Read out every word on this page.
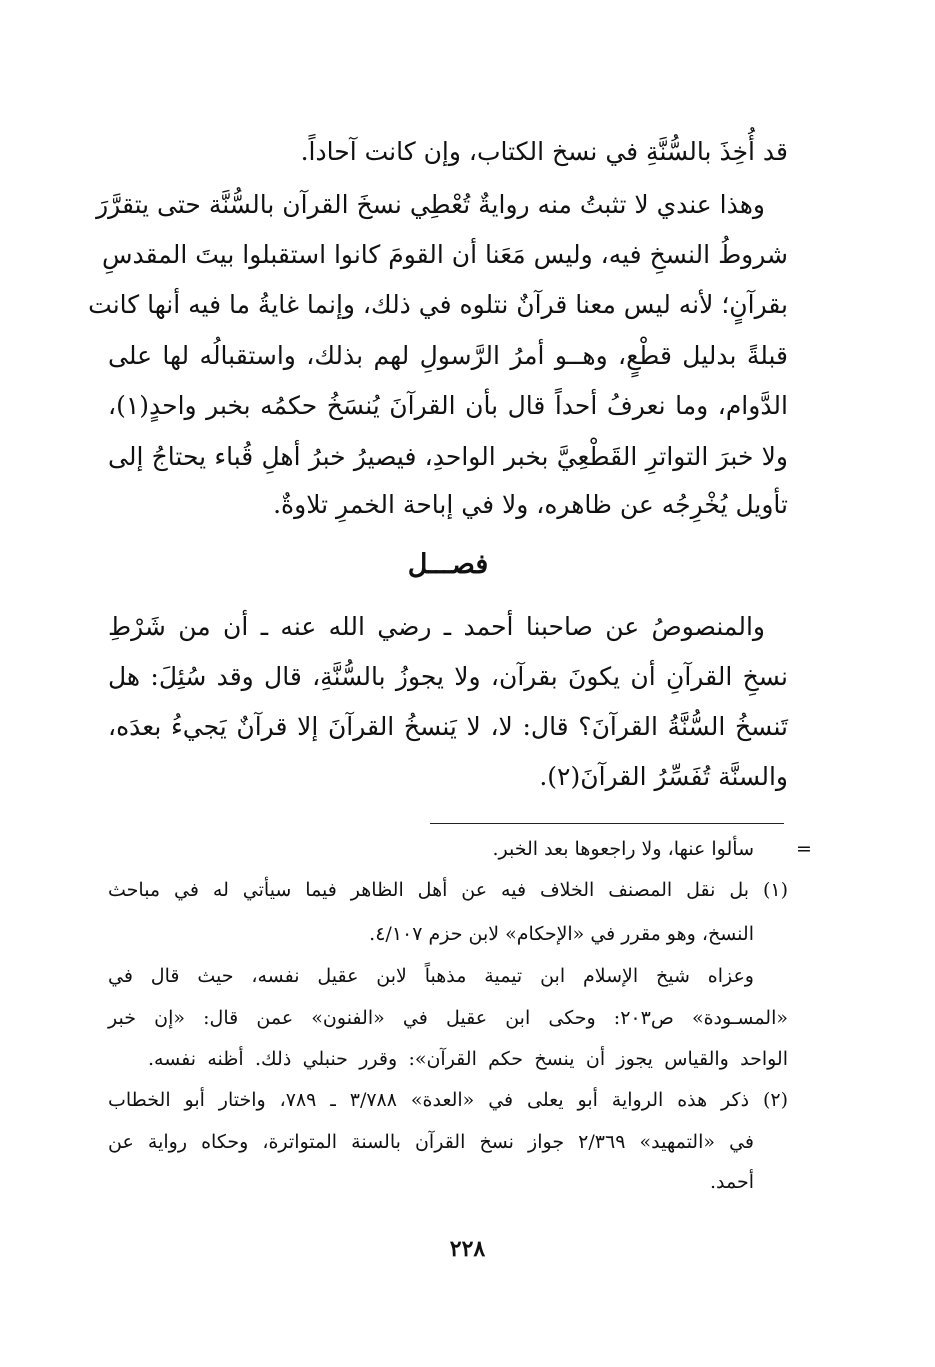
قد أُخِذَ بالسُّنَّةِ في نسخ الكتاب، وإن كانت آحاداً.
وهذا عندي لا تثبتُ منه روايةٌ تُعْطِي نسخَ القرآن بالسُّنَّة حتى يتقرَّرَ
شروطُ النسخِ فيه، وليس مَعَنا أن القومَ كانوا استقبلوا بيتَ المقدسِ
بقرآنٍ؛ لأنه ليس معنا قرآنٌ نتلوه في ذلك، وإنما غايةُ ما فيه أنها كانت
قبلةً بدليل قطْعٍ، وهــو أمرُ الرَّسولِ لهم بذلك، واستقبالُه لها على
الدَّوام، وما نعرفُ أحداً قال بأن القرآنَ يُنسَخُ حكمُه بخبر واحدٍ(١)،
ولا خبرَ التواترِ القَطْعِيَّ بخبر الواحدِ، فيصيرُ خبرُ أهلِ قُباء يحتاجُ إلى
تأويل يُخْرِجُه عن ظاهره، ولا في إباحة الخمرِ تلاوةٌ.
فصـــل
والمنصوصُ عن صاحبنا أحمد ـ رضي الله عنه ـ أن من شَرْطِ
نسخِ القرآنِ أن يكونَ بقرآن، ولا يجوزُ بالسُّنَّةِ، قال وقد سُئِلَ: هل
تَنسخُ السُّنَّةُ القرآنَ؟ قال: لا، لا يَنسخُ القرآنَ إلا قرآنٌ يَجيءُ بعدَه،
والسنَّة تُفَسِّرُ القرآنَ(٢).
=
سألوا عنها، ولا راجعوها بعد الخبر.
(١) بل نقل المصنف الخلاف فيه عن أهل الظاهر فيما سيأتي له في مباحث
النسخ، وهو مقرر في «الإحكام» لابن حزم ٤/١٠٧.
وعزاه شيخ الإسلام ابن تيمية مذهباً لابن عقيل نفسه، حيث قال في
«المسـودة» ص٢٠٣: وحكى ابن عقيل في «الفنون» عمن قال: «إن خبر
الواحد والقياس يجوز أن ينسخ حكم القرآن»: وقرر حنبلي ذلك. أظنه نفسه.
(٢) ذكر هذه الرواية أبو يعلى في «العدة» ٣/٧٨٨ ـ ٧٨٩، واختار أبو الخطاب
في «التمهيد» ٢/٣٦٩ جواز نسخ القرآن بالسنة المتواترة، وحكاه رواية عن
أحمد.
٢٢٨
